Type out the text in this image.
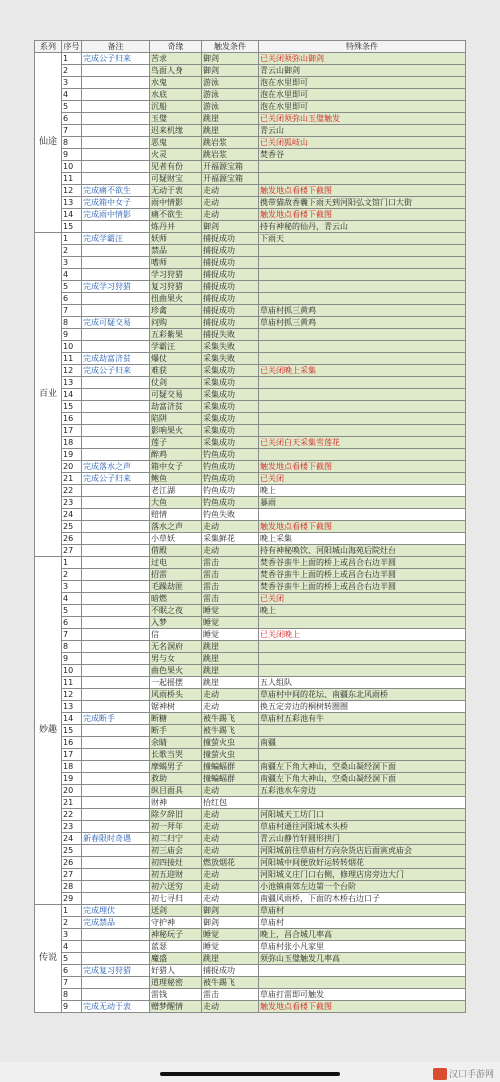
系列	序号	备注	奇缘	触发条件	特殊条件
仙途	1	完成公子归来	苦求	御剑	已关闭须弥山御剑
	2		鸟面人身	御剑	青云山御剑
	3		水鬼	游泳	泡在水里即可
	4		水底	游泳	泡在水里即可
	5		沉船	游泳	泡在水里即可
	6		玉璧	跳崖	已关闭须弥山玉璧触发
	7		迟来机缘	跳崖	青云山
	8		恶鬼	跳岩浆	已关闭狐岐山
	9		火灵	跳岩浆	焚香谷
	10		见者有份	开福源宝箱	
	11		可疑财宝	开福源宝箱	
	12	完成痛不欲生	无动于衷	走动	触发地点看楼下截图
	13	完成箱中女子	雨中情影	走动	携带猫敌香囊下雨天到河阳弘文馆门口大街
	14	完成雨中情影	痛不欲生	走动	触发地点看楼下截图
	15		炼丹井	御剑	持有神秘的仙丹，青云山
百业	1	完成学霸汪	妖师	捕捉成功	下雨天
	2		禁品	捕捉成功	
	3		嗜师	捕捉成功	
	4		学习狩猎	捕捉成功	
	5	完成学习狩猎	复习狩猎	捕捉成功	
	6		扭曲果火	捕捉成功	
	7		珍禽	捕捉成功	草庙村抓三黄鸡
	8	完成可疑交易	问购	捕捉成功	草庙村抓三黄鸡
	9		五彩紫果	捕捉失败	
	10		学霸汪	采集失败	
	11	完成劫富济贫	爆仗	采集失败	
	12	完成公子归来	难获	采集成功	已关闭晚上采集
	13		仗剑	采集成功	
	14		可疑交易	采集成功	
	15		劫富济贫	采集成功	
	16		陷阱	采集成功	
	17		影响果火	采集成功	
	18		莲子	采集成功	已关闭白天采集雪莲花
	19		醉鸡	钓鱼成功	
	20	完成落水之声	箱中女子	钓鱼成功	触发地点看楼下截图
	21	完成公子归来	鲍鱼	钓鱼成功	已关闭
	22		老江湖	钓鱼成功	晚上
	23		大鱼	钓鱼成功	暴雨
	24		赔情	钓鱼失败	
	25		落水之声	走动	触发地点看楼下截图
	26		小草妖	采集鲜花	晚上采集
	27		借殿	走动	持有神秘唤饮、河阳城山海苑后院灶台
妙趣	1		过电	雷击	焚香谷蛮牛上面的桥上或昌合右边半圆
	2		招雷	雷击	焚香谷蛮牛上面的桥上或昌合右边半圆
	3		毛躁劫匪	雷击	焚香谷蛮牛上面的桥上或昌合右边半圆
	4		暗燃	雷击	已关闭
	5		不眠之夜	睡觉	晚上
	6		入梦	睡觉	
	7		信	睡觉	已关闭晚上
	8		无名洞府	跳崖	
	9		男与女	跳崖	
	10		曲色果火	跳崖	
	11		一起摇摆	跳崖	五人组队
	12		风雨桥头	走动	草庙村中间的花坛、南疆东北风雨桥
	13		锯神树	走动	换五定旁边的桐树转圈圈
	14	完成断手	断糖	被牛踢飞	草庙村五彩池有牛
	15		断手	被牛踢飞	
	16		余睛	撞萤火虫	南疆
	17		长歌当哭	撞萤火虫	
	18		摩蝎男子	撞蝙蝠群	南疆左下角大神山，空桑山凝经洞下面
	19		救助	撞蝙蝠群	南疆左下角大神山，空桑山凝经洞下面
	20		纵目面具	走动	五彩池水车旁边
	21		财神	拾红包	
	22		除夕辞旧	走动	河阳城天工坊门口
	23		初一拜年	走动	草庙村通往河阳城木头桥
	24	新春限时奇遇	初二归宁	走动	青云山静竹轩圆形拱门
	25		初三庙会	走动	河阳城前往草庙村方向杂货店后面寅虎庙会
	26		初四接灶	燃放烟花	河阳城中间便放好运转转烟花
	27		初五迎财	走动	河阳城义庄门口右侧，修理店房旁边大门
	28		初六送穷	走动	小池镇南郊左边第一个台阶
	29		初七寻归	走动	南疆风雨桥，下面的木桥右边口子
传说	1	完成埋伏	送剑	御剑	草庙村
	2	完成禁品	守护神	御剑	草庙村
	3		神秘玩子	睡觉	晚上，昌合城几率高
	4		蓝瑟	睡觉	草庙村张小凡家里
	5		魔盛	跳崖	须弥山玉璧触发几率高
	6	完成复习狩猎	好猎人	捕捉成功	
	7		道理秘密	被牛踢飞	
	8		雷钱	雷击	草庙打雷即可触发
	9	完成无动于衷	赠梦醒情	走动	触发地点看楼下截图
汉口手游网
